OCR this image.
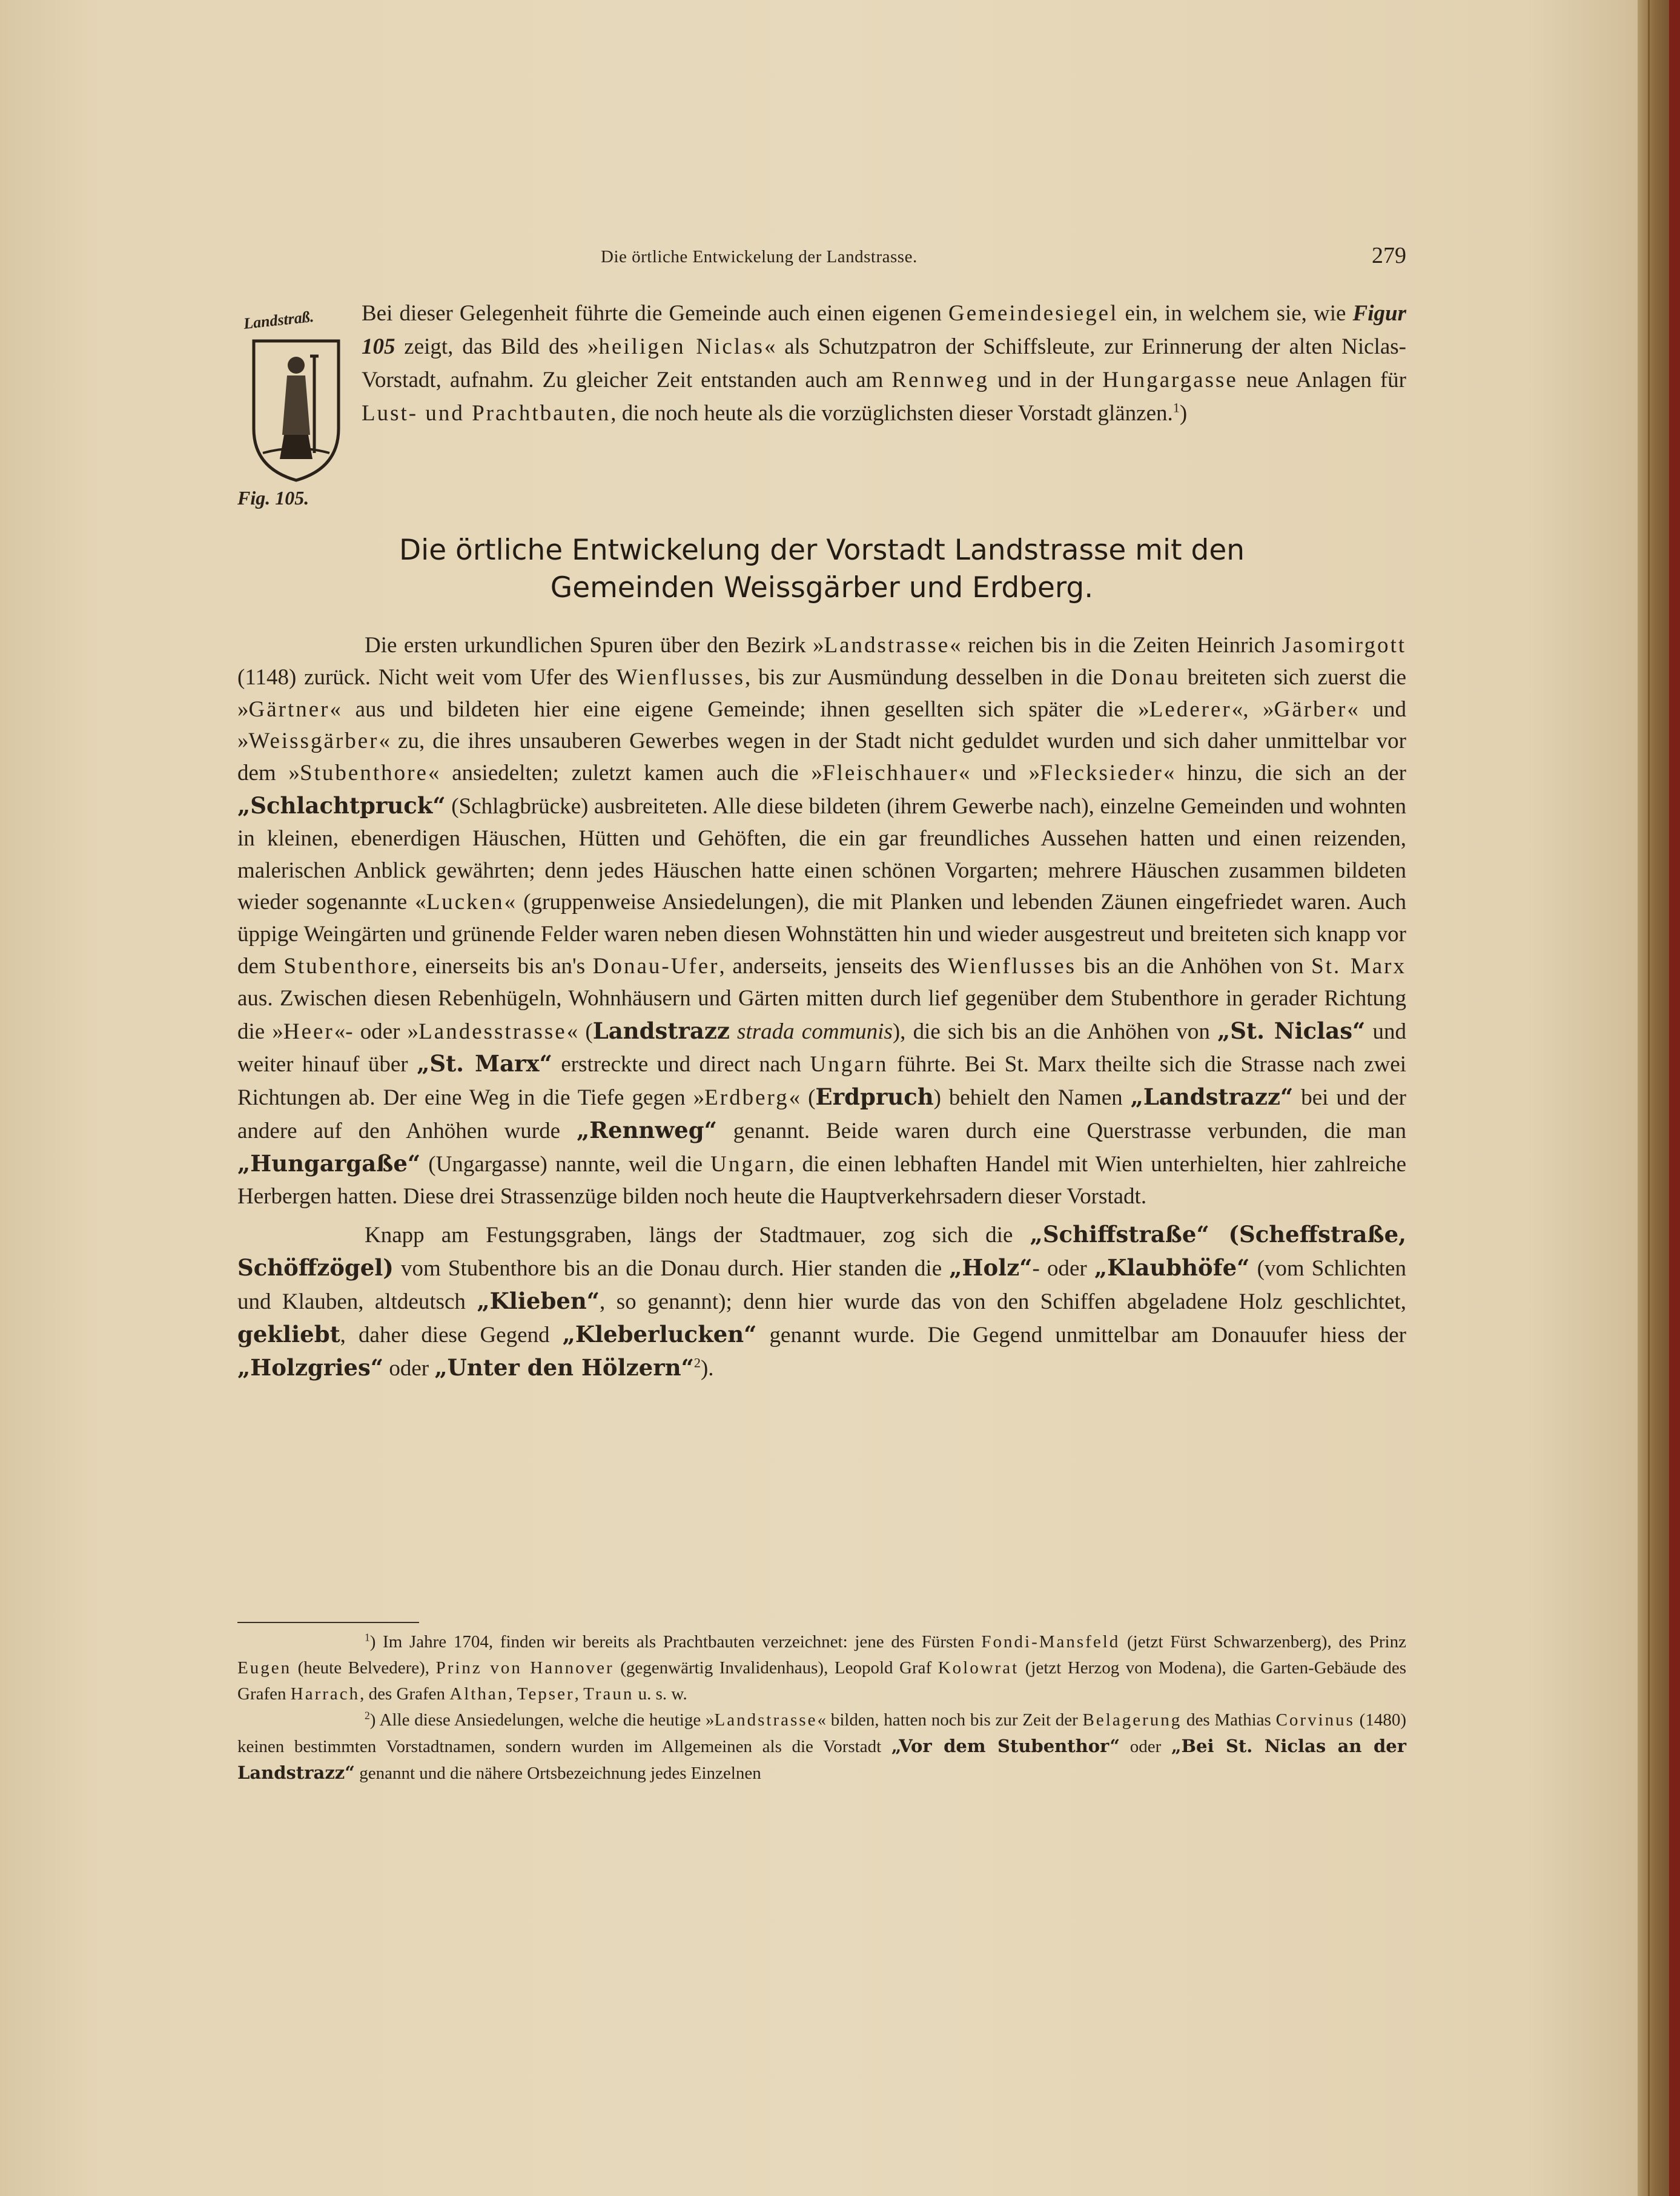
Die örtliche Entwickelung der Landstrasse.	279
Landstraß.
Fig. 105.
Bei dieser Gelegenheit führte die Gemeinde auch einen eigenen Gemeindesiegel ein, in welchem sie, wie Figur 105 zeigt, das Bild des »heiligen Niclas« als Schutzpatron der Schiffsleute, zur Erinnerung der alten Niclas-Vorstadt, aufnahm. Zu gleicher Zeit entstanden auch am Rennweg und in der Hungargasse neue Anlagen für Lust- und Prachtbauten, die noch heute als die vorzüglichsten dieser Vorstadt glänzen.$^1$)
Die örtliche Entwickelung der Vorstadt Landstrasse mit den
Gemeinden Weissgärber und Erdberg.

Die ersten urkundlichen Spuren über den Bezirk »Landstrasse« reichen bis in die Zeiten Heinrich Jasomirgott (1148) zurück. Nicht weit vom Ufer des Wienflusses, bis zur Ausmündung desselben in die Donau breiteten sich zuerst die »Gärtner« aus und bildeten hier eine eigene Gemeinde; ihnen gesellten sich später die »Lederer«, »Gärber« und »Weissgärber« zu, die ihres unsauberen Gewerbes wegen in der Stadt nicht geduldet wurden und sich daher unmittelbar vor dem »Stubenthore« ansiedelten; zuletzt kamen auch die »Fleischhauer« und »Flecksieder« hinzu, die sich an der „Schlachtpruck“ (Schlagbrücke) ausbreiteten. Alle diese bildeten (ihrem Gewerbe nach), einzelne Gemeinden und wohnten in kleinen, ebenerdigen Häuschen, Hütten und Gehöften, die ein gar freundliches Aussehen hatten und einen reizenden, malerischen Anblick gewährten; denn jedes Häuschen hatte einen schönen Vorgarten; mehrere Häuschen zusammen bildeten wieder sogenannte «Lucken« (gruppenweise Ansiedelungen), die mit Planken und lebenden Zäunen eingefriedet waren. Auch üppige Weingärten und grünende Felder waren neben diesen Wohnstätten hin und wieder ausgestreut und breiteten sich knapp vor dem Stubenthore, einerseits bis an's Donau-Ufer, anderseits, jenseits des Wienflusses bis an die Anhöhen von St. Marx aus. Zwischen diesen Rebenhügeln, Wohnhäusern und Gärten mitten durch lief gegenüber dem Stubenthore in gerader Richtung die »Heer«- oder »Landesstrasse« (Landstrazz strada communis), die sich bis an die Anhöhen von „St. Niclas“ und weiter hinauf über „St. Marx“ erstreckte und direct nach Ungarn führte. Bei St. Marx theilte sich die Strasse nach zwei Richtungen ab. Der eine Weg in die Tiefe gegen »Erdberg« (Erdpruch) behielt den Namen „Landstrazz“ bei und der andere auf den Anhöhen wurde „Rennweg“ genannt. Beide waren durch eine Querstrasse verbunden, die man „Hungargaße“ (Ungargasse) nannte, weil die Ungarn, die einen lebhaften Handel mit Wien unterhielten, hier zahlreiche Herbergen hatten. Diese drei Strassenzüge bilden noch heute die Hauptverkehrsadern dieser Vorstadt.

Knapp am Festungsgraben, längs der Stadtmauer, zog sich die „Schiffstraße“ (Scheffstraße, Schöffzögel) vom Stubenthore bis an die Donau durch. Hier standen die „Holz“- oder „Klaubhöfe“ (vom Schlichten und Klauben, altdeutsch „Klieben“, so genannt); denn hier wurde das von den Schiffen abgeladene Holz geschlichtet, gekliebt, daher diese Gegend „Kleberlucken“ genannt wurde. Die Gegend unmittelbar am Donauufer hiess der „Holzgries“ oder „Unter den Hölzern“$^2$).

$^1$) Im Jahre 1704, finden wir bereits als Prachtbauten verzeichnet: jene des Fürsten Fondi-Mansfeld (jetzt Fürst Schwarzenberg), des Prinz Eugen (heute Belvedere), Prinz von Hannover (gegenwärtig Invalidenhaus), Leopold Graf Kolowrat (jetzt Herzog von Modena), die Garten-Gebäude des Grafen Harrach, des Grafen Althan, Tepser, Traun u. s. w.

$^2$) Alle diese Ansiedelungen, welche die heutige »Landstrasse« bilden, hatten noch bis zur Zeit der Belagerung des Mathias Corvinus (1480) keinen bestimmten Vorstadtnamen, sondern wurden im Allgemeinen als die Vorstadt „Vor dem Stubenthor“ oder „Bei St. Niclas an der Landstrazz“ genannt und die nähere Ortsbezeichnung jedes Einzelnen
